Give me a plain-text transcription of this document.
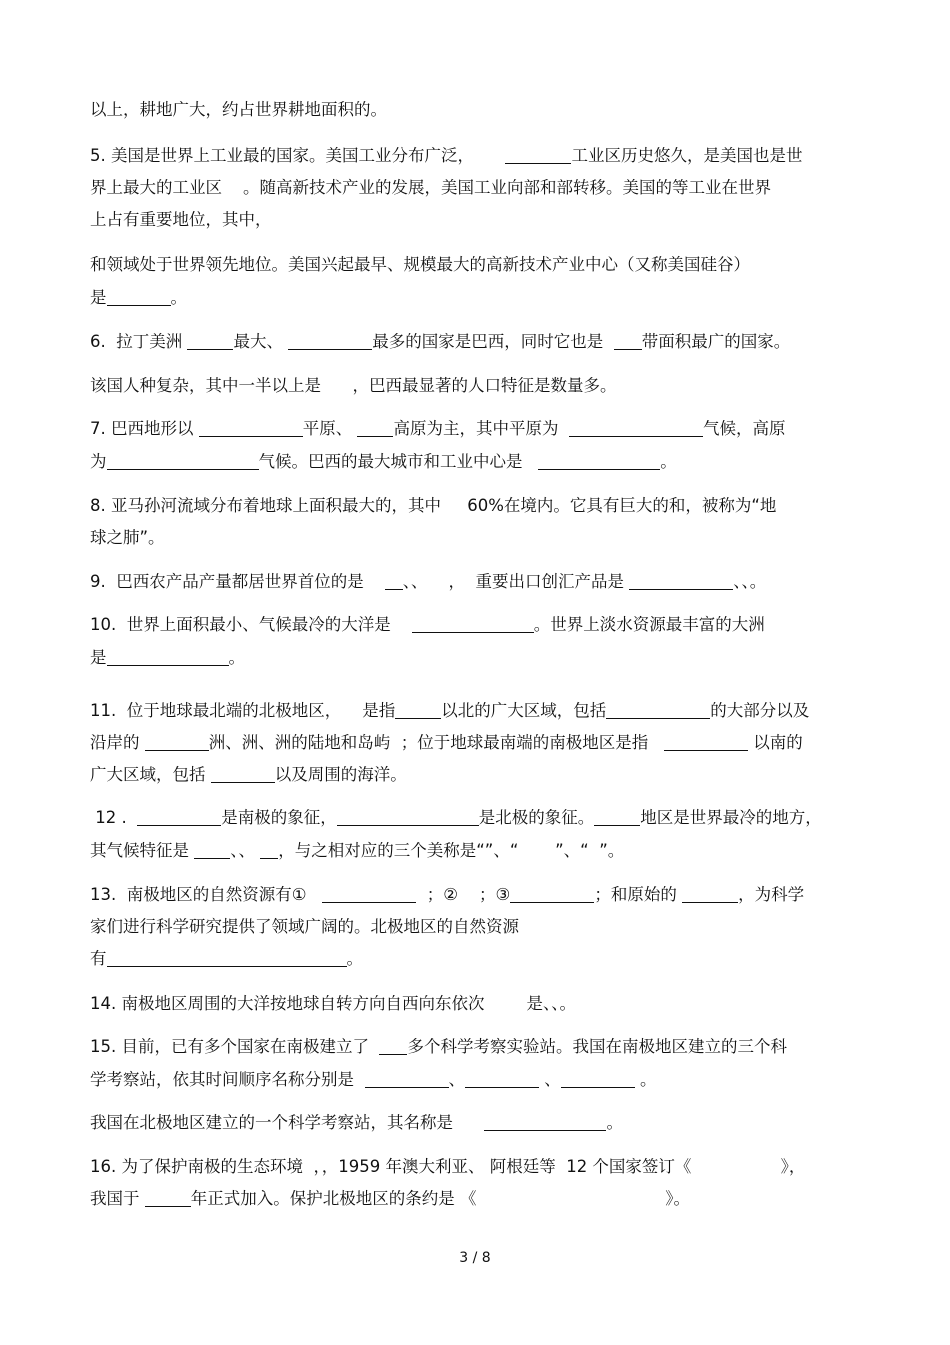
以上，耕地广大，约占世界耕地面积的。

5. 美国是世界上工业最的国家。美国工业分布广泛，	工业区历史悠久，是美国也是世

界上最大的工业区    。随高新技术产业的发展，美国工业向部和部转移。美国的等工业在世界

上占有重要地位，其中，

和领域处于世界领先地位。美国兴起最早、规模最大的高新技术产业中心（又称美国硅谷）

是	。

6.  拉丁美洲	最大、	最多的国家是巴西，同时它也是  带面积最广的国家。

该国人种复杂，其中一半以上是      ，巴西最显著的人口特征是数量多。

7. 巴西地形以	平原、 高原为主，其中平原为	气候，高原

为	气候。巴西的最大城市和工业中心是	。

8. 亚马孙河流域分布着地球上面积最大的，其中     60%在境内。它具有巨大的和，被称为“地

球之肺”。

9.  巴西农产品产量都居世界首位的是    、、    ，  重要出口创汇产品是	、、。

10.  世界上面积最小、气候最冷的大洋是	。世界上淡水资源最丰富的大洲

是	。

11.  位于地球最北端的北极地区，    是指	以北的广大区域，包括	的大部分以及

沿岸的	洲、洲、洲的陆地和岛屿  ；位于地球最南端的南极地区是指	以南的

广大区域，包括	以及周围的海洋。

12 .	是南极的象征，	是北极的象征。	地区是世界最冷的地方，

其气候特征是 、、 ，与之相对应的三个美称是“”、“       ”、“  ”。

13.  南极地区的自然资源有①	；②    ；③	；和原始的	，为科学

家们进行科学研究提供了领域广阔的。北极地区的自然资源

有	。

14. 南极地区周围的大洋按地球自转方向自西向东依次        是、、。

15. 目前，已有多个国家在南极建立了  多个科学考察实验站。我国在南极地区建立的三个科

学考察站，依其时间顺序名称分别是	、	、	。

我国在北极地区建立的一个科学考察站，其名称是	。

16. 为了保护南极的生态环境  ，，1959 年澳大利亚、 阿根廷等  12 个国家签订《                 》，

我国于	年正式加入。保护北极地区的条约是 《                                    》。

3 / 8
